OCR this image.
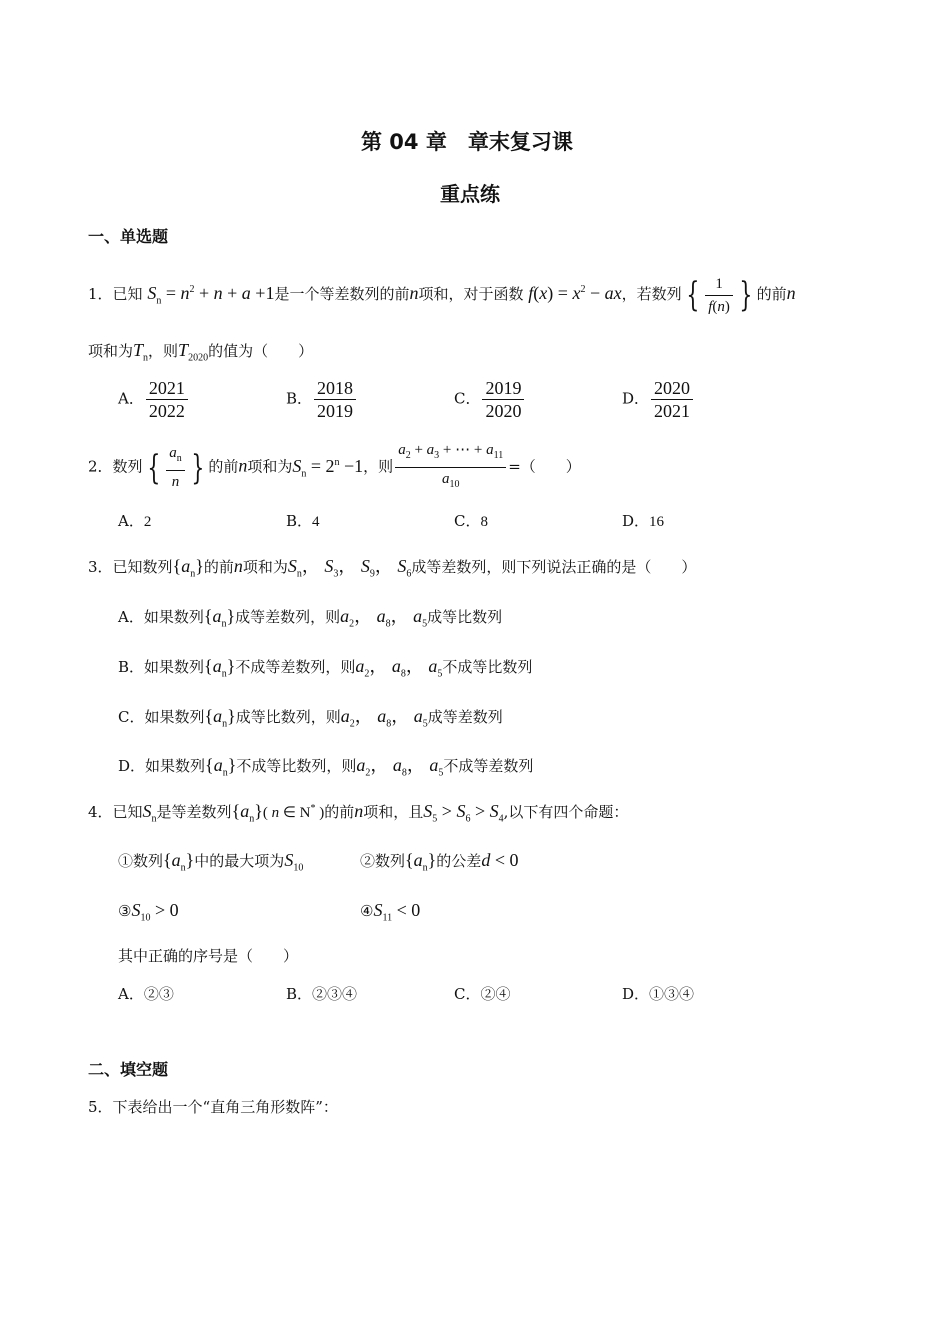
第 04 章　章末复习课
重点练
一、单选题
1．已知 $S_n = n^2 + n + a +1$是一个等差数列的前n项和，对于函数 $f(x) = x^2$ − ax，若数列 { $\frac{1}{f(n)}$ } 的前n
项和为$T_n$，则$T_{2020}$的值为（　　）
A． $\frac{2021}{2022}$	B． $\frac{2018}{2019}$	C． $\frac{2019}{2020}$	D． $\frac{2020}{2021}$
2．数列 { $\frac{a_n}{n}$ } 的前n项和为$S_n = 2^n -1$，则 $\frac{a_2 + a_3 + \cdots + a_{11}}{a_{10}}$ =（　　）
A．2	B．4	C．8	D．16
3．已知数列$\{a_n\}$的前n项和为$S_n$， $S_3$， $S_9$， $S_6$成等差数列，则下列说法正确的是（　　）
A．如果数列$\{a_n\}$成等差数列，则$a_2$， $a_8$， $a_5$成等比数列
B．如果数列$\{a_n\}$不成等差数列，则$a_2$， $a_8$， $a_5$不成等比数列
C．如果数列$\{a_n\}$成等比数列，则$a_2$， $a_8$， $a_5$成等差数列
D．如果数列$\{a_n\}$不成等比数列，则$a_2$， $a_8$， $a_5$不成等差数列
4．已知$S_n$是等差数列$\{a_n\}$( n ∈ N* )的前n项和，且$S_5 > S_6 > S_4$,以下有四个命题：
①数列$\{a_n\}$中的最大项为$S_{10}$	②数列$\{a_n\}$的公差d < 0
$③S_{10} > 0$	$④S_{11} < 0$
其中正确的序号是（　　）
A．②③	B．②③④	C．②④	D．①③④
二、填空题
5．下表给出一个“直角三角形数阵”：
